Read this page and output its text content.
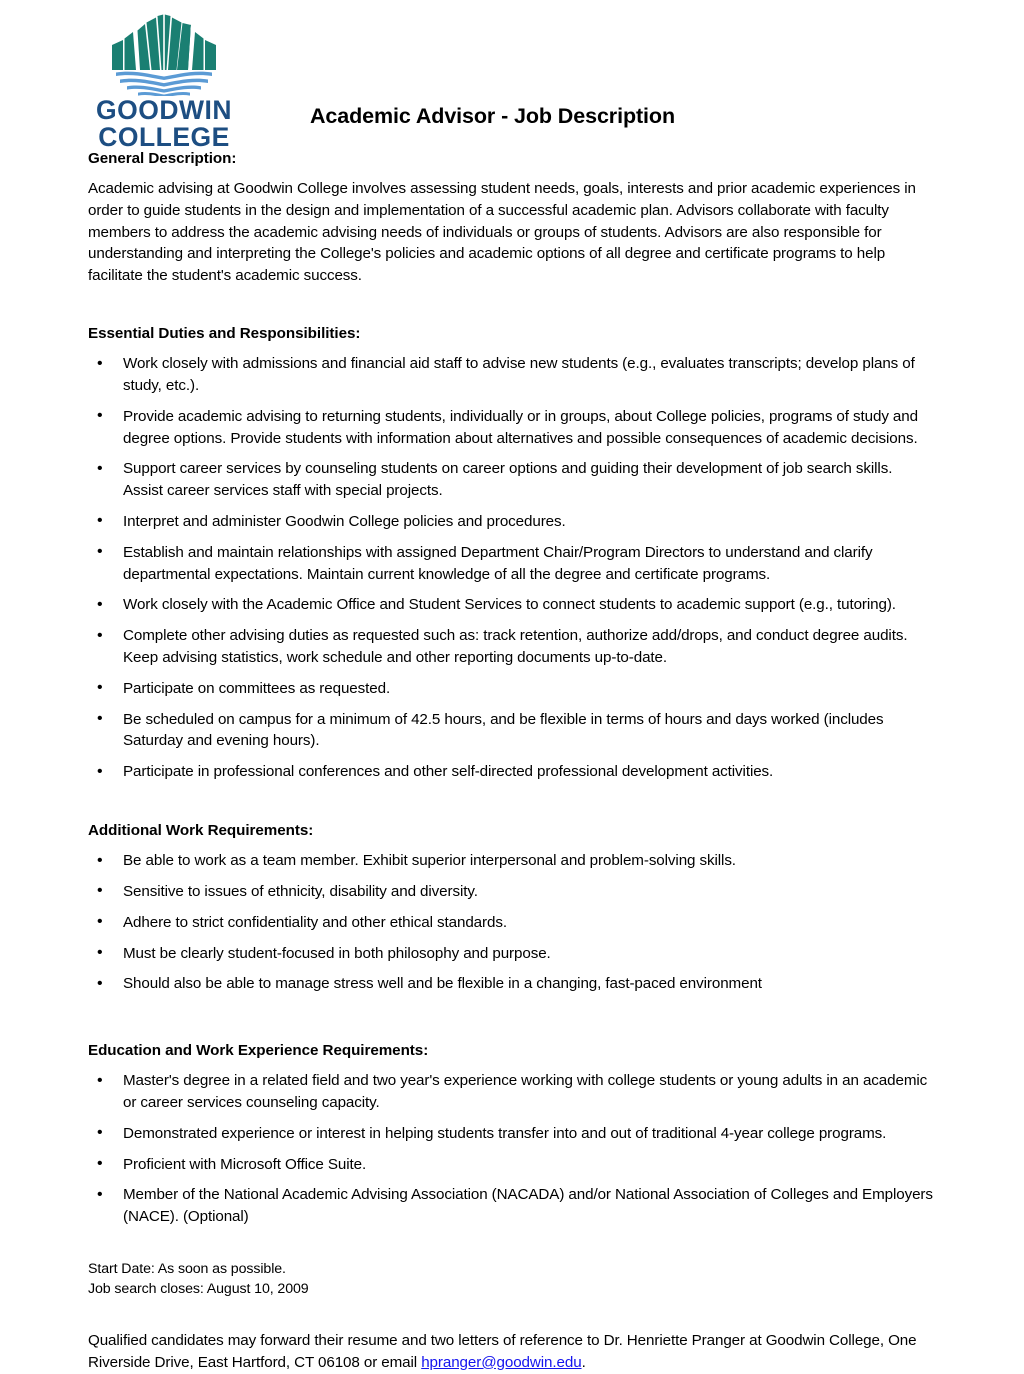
GOODWIN
COLLEGE
Academic Advisor - Job Description
General Description:

Academic advising at Goodwin College involves assessing student needs, goals, interests and prior academic experiences in order to guide students in the design and implementation of a successful academic plan. Advisors collaborate with faculty members to address the academic advising needs of individuals or groups of students. Advisors are also responsible for understanding and interpreting the College's policies and academic options of all degree and certificate programs to help facilitate the student's academic success.

Essential Duties and Responsibilities:
• Work closely with admissions and financial aid staff to advise new students (e.g., evaluates transcripts; develop plans of study, etc.).
• Provide academic advising to returning students, individually or in groups, about College policies, programs of study and degree options. Provide students with information about alternatives and possible consequences of academic decisions.
• Support career services by counseling students on career options and guiding their development of job search skills. Assist career services staff with special projects.
• Interpret and administer Goodwin College policies and procedures.
• Establish and maintain relationships with assigned Department Chair/Program Directors to understand and clarify departmental expectations. Maintain current knowledge of all the degree and certificate programs.
• Work closely with the Academic Office and Student Services to connect students to academic support (e.g., tutoring).
• Complete other advising duties as requested such as: track retention, authorize add/drops, and conduct degree audits. Keep advising statistics, work schedule and other reporting documents up-to-date.
• Participate on committees as requested.
• Be scheduled on campus for a minimum of 42.5 hours, and be flexible in terms of hours and days worked (includes Saturday and evening hours).
• Participate in professional conferences and other self-directed professional development activities.
Additional Work Requirements:
• Be able to work as a team member. Exhibit superior interpersonal and problem-solving skills.
• Sensitive to issues of ethnicity, disability and diversity.
• Adhere to strict confidentiality and other ethical standards.
• Must be clearly student-focused in both philosophy and purpose.
• Should also be able to manage stress well and be flexible in a changing, fast-paced environment
Education and Work Experience Requirements:
• Master's degree in a related field and two year's experience working with college students or young adults in an academic or career services counseling capacity.
• Demonstrated experience or interest in helping students transfer into and out of traditional 4-year college programs.
• Proficient with Microsoft Office Suite.
• Member of the National Academic Advising Association (NACADA) and/or National Association of Colleges and Employers (NACE). (Optional)

Start Date: As soon as possible.

Job search closes: August 10, 2009

Qualified candidates may forward their resume and two letters of reference to Dr. Henriette Pranger at Goodwin College, One Riverside Drive, East Hartford, CT 06108 or email hpranger@goodwin.edu.
